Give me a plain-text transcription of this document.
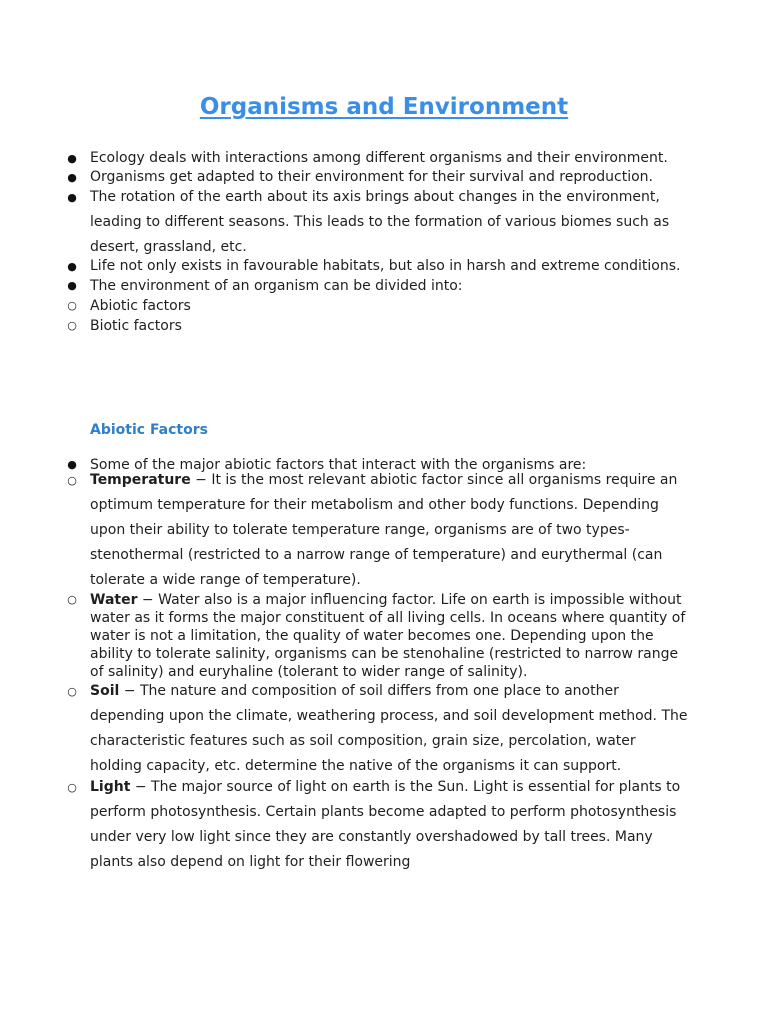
Organisms and Environment
● Ecology deals with interactions among different organisms and their environment.
● Organisms get adapted to their environment for their survival and reproduction.
● The rotation of the earth about its axis brings about changes in the environment, leading to different seasons. This leads to the formation of various biomes such as desert, grassland, etc.
● Life not only exists in favourable habitats, but also in harsh and extreme conditions.
● The environment of an organism can be divided into:
○ Abiotic factors
○ Biotic factors
Abiotic Factors
● Some of the major abiotic factors that interact with the organisms are:
○ Temperature − It is the most relevant abiotic factor since all organisms require an optimum temperature for their metabolism and other body functions. Depending upon their ability to tolerate temperature range, organisms are of two types- stenothermal (restricted to a narrow range of temperature) and eurythermal (can tolerate a wide range of temperature).
○ Water − Water also is a major influencing factor. Life on earth is impossible without water as it forms the major constituent of all living cells. In oceans where quantity of water is not a limitation, the quality of water becomes one. Depending upon the ability to tolerate salinity, organisms can be stenohaline (restricted to narrow range of salinity) and euryhaline (tolerant to wider range of salinity).
○ Soil − The nature and composition of soil differs from one place to another depending upon the climate, weathering process, and soil development method. The characteristic features such as soil composition, grain size, percolation, water holding capacity, etc. determine the native of the organisms it can support.
○ Light − The major source of light on earth is the Sun. Light is essential for plants to perform photosynthesis. Certain plants become adapted to perform photosynthesis under very low light since they are constantly overshadowed by tall trees. Many plants also depend on light for their flowering
